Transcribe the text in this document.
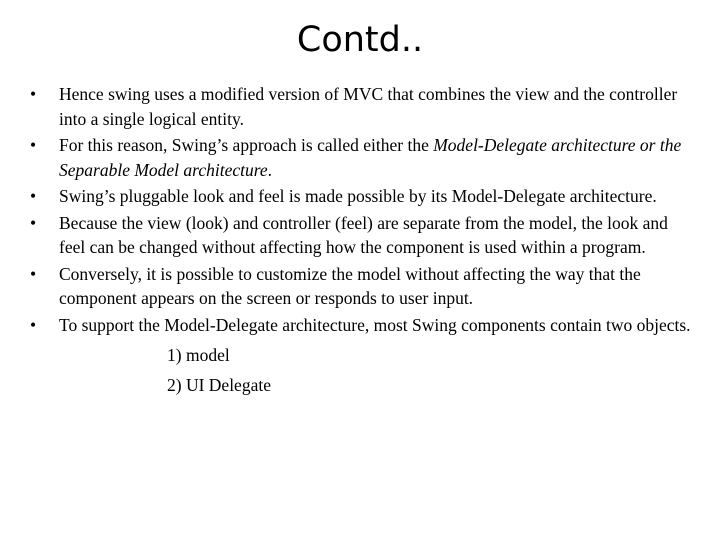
Contd..
•
Hence swing uses a modified version of MVC that combines the view and the controller into a single logical entity.
•
For this reason, Swing’s approach is called either the Model-Delegate architecture or the Separable Model architecture.
•
Swing’s pluggable look and feel is made possible by its Model-Delegate architecture.
•
Because the view (look) and controller (feel) are separate from the model, the look and feel can be changed without affecting how the component is used within a program.
•
Conversely, it is possible to customize the model without affecting the way that the component appears on the screen or responds to user input.
•
To support the Model-Delegate architecture, most Swing components contain two objects.
1) model
2) UI Delegate
